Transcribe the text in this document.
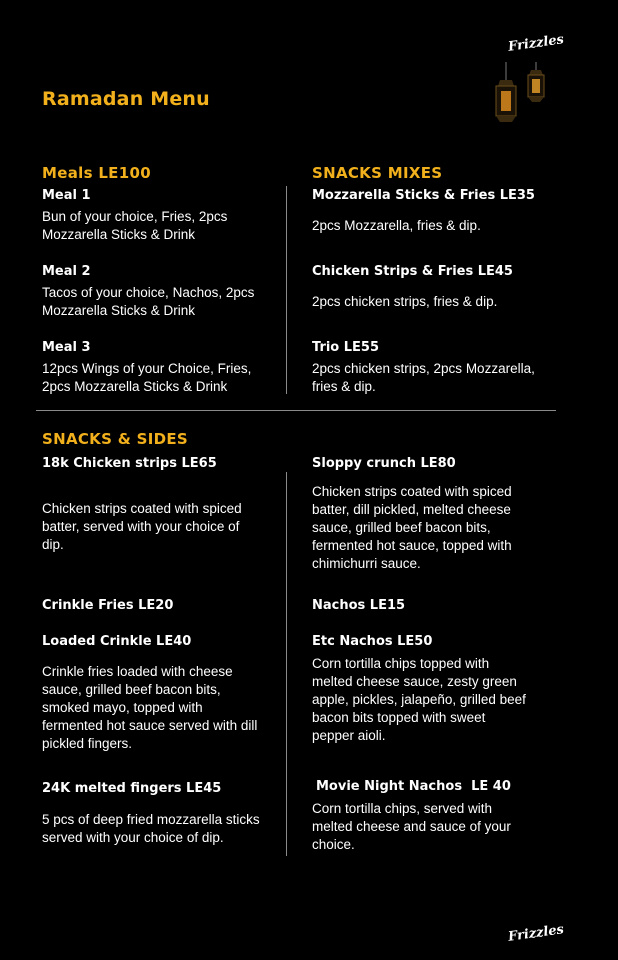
Frizzles
Ramadan Menu
Meals LE100	SNACKS MIXES
Meal 1
Bun of your choice, Fries, 2pcs
Mozzarella Sticks & Drink
Meal 2
Tacos of your choice, Nachos, 2pcs
Mozzarella Sticks & Drink
Meal 3
12pcs Wings of your Choice, Fries,
2pcs Mozzarella Sticks & Drink
Mozzarella Sticks & Fries LE35
2pcs Mozzarella, fries & dip.
Chicken Strips & Fries LE45
2pcs chicken strips, fries & dip.
Trio LE55
2pcs chicken strips, 2pcs Mozzarella,
fries & dip.
SNACKS & SIDES
18k Chicken strips LE65
Chicken strips coated with spiced
batter, served with your choice of
dip.
Crinkle Fries LE20
Loaded Crinkle LE40
Crinkle fries loaded with cheese
sauce, grilled beef bacon bits,
smoked mayo, topped with
fermented hot sauce served with dill
pickled fingers.
24K melted fingers LE45
5 pcs of deep fried mozzarella sticks
served with your choice of dip.
Sloppy crunch LE80
Chicken strips coated with spiced
batter, dill pickled, melted cheese
sauce, grilled beef bacon bits,
fermented hot sauce, topped with
chimichurri sauce.
Nachos LE15
Etc Nachos LE50
Corn tortilla chips topped with
melted cheese sauce, zesty green
apple, pickles, jalapeño, grilled beef
bacon bits topped with sweet
pepper aioli.
Movie Night Nachos  LE 40
Corn tortilla chips, served with
melted cheese and sauce of your
choice.
Frizzles
